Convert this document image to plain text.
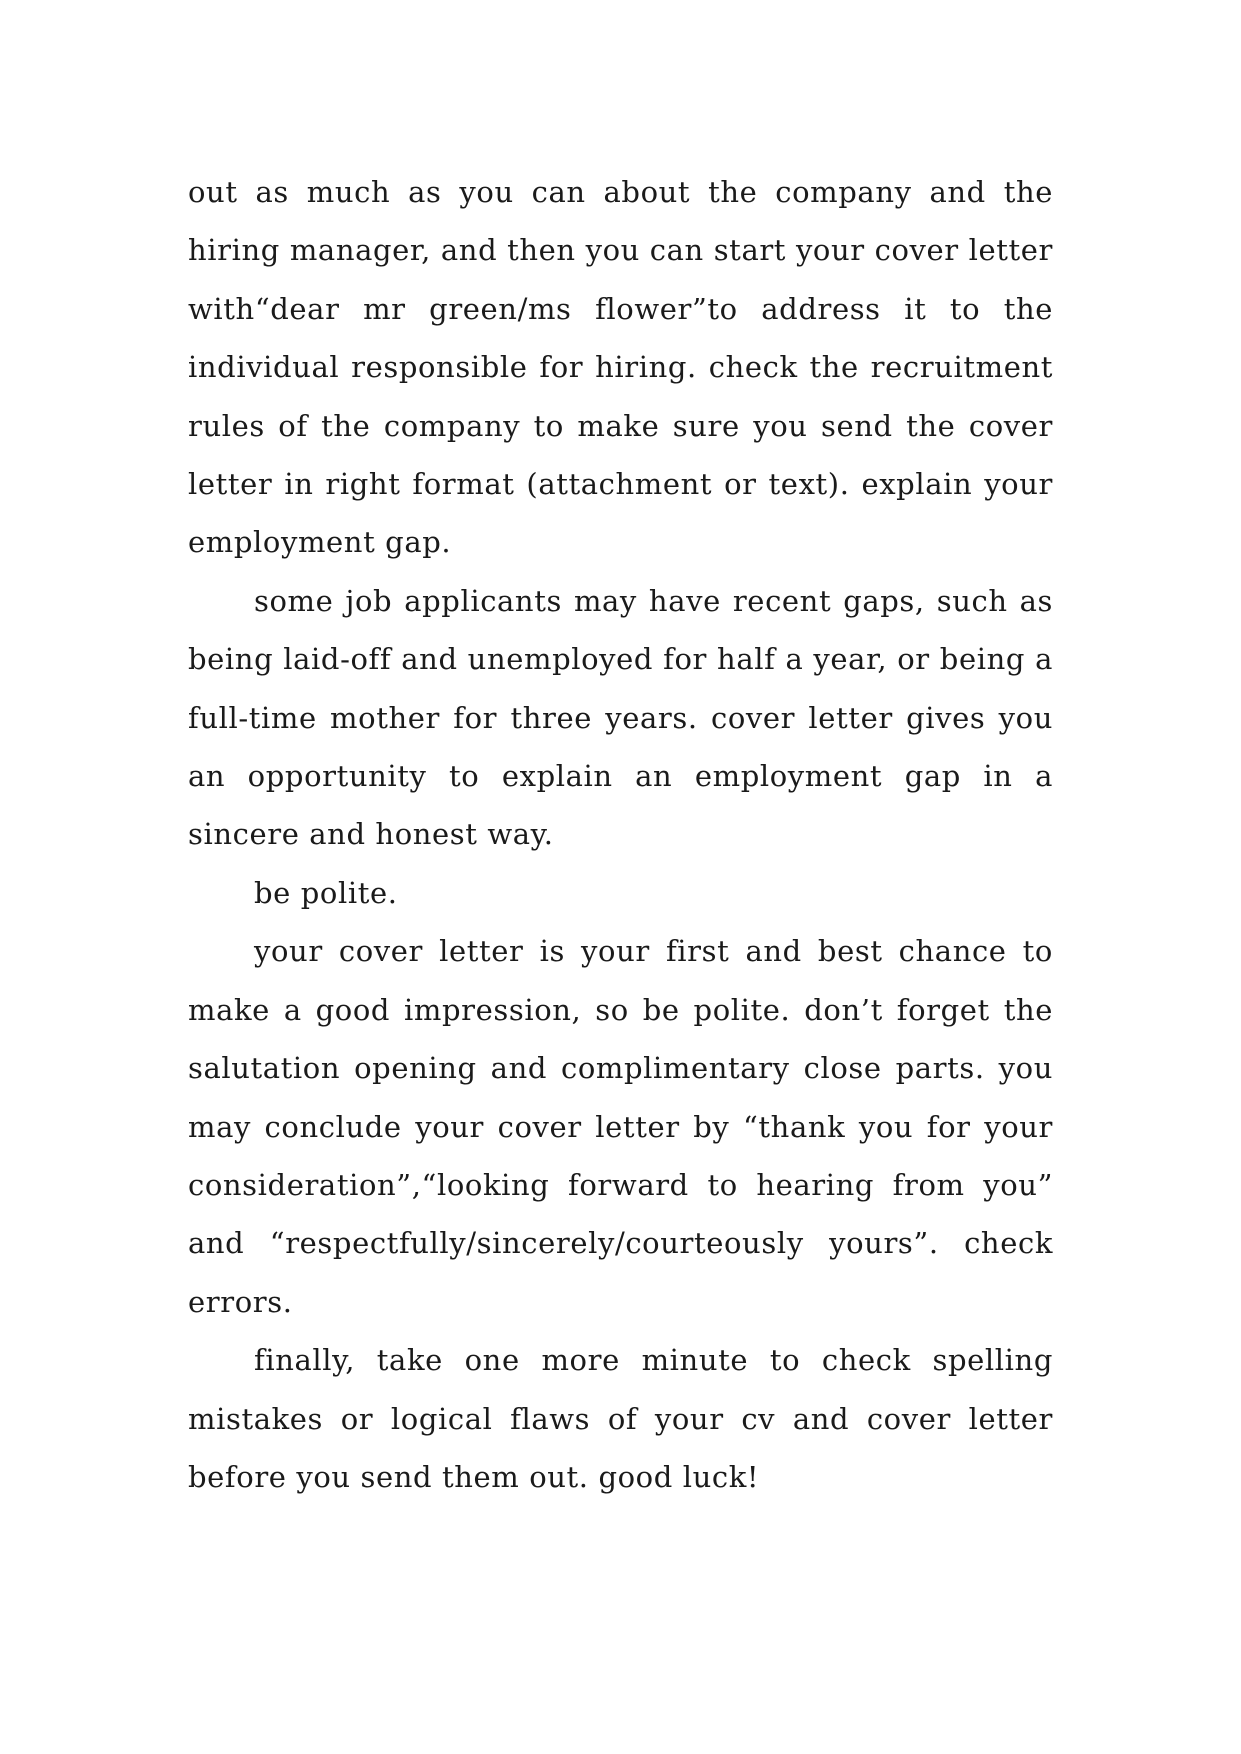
out as much as you can about the company and the hiring manager, and then you can start your cover letter with“dear mr green/ms flower”to address it to the individual responsible for hiring. check the recruitment rules of the company to make sure you send the cover letter in right format (attachment or text). explain your employment gap.

some job applicants may have recent gaps, such as being laid-off and unemployed for half a year, or being a full-time mother for three years. cover letter gives you an opportunity to explain an employment gap in a sincere and honest way.

be polite.

your cover letter is your first and best chance to make a good impression, so be polite. don’t forget the salutation opening and complimentary close parts. you may conclude your cover letter by “thank you for your consideration”,“looking forward to hearing from you” and “respectfully/sincerely/courteously yours”. check errors.

finally, take one more minute to check spelling mistakes or logical flaws of your cv and cover letter before you send them out. good luck!
